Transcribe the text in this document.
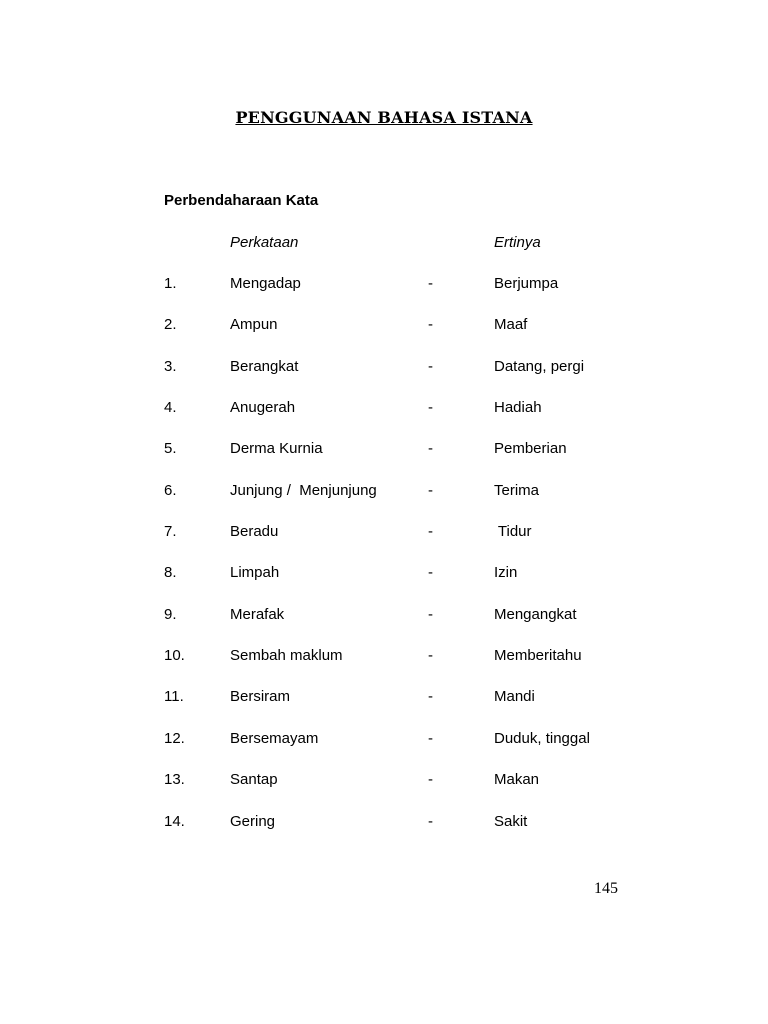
PENGGUNAAN BAHASA ISTANA
Perbendaharaan Kata
Perkataan	Ertinya
1.	Mengadap	-	Berjumpa
2.	Ampun	-	Maaf
3.	Berangkat	-	Datang, pergi
4.	Anugerah	-	Hadiah
5.	Derma Kurnia	-	Pemberian
6.	Junjung /  Menjunjung	-	Terima
7.	Beradu	-	Tidur
8.	Limpah	-	Izin
9.	Merafak	-	Mengangkat
10.	Sembah maklum	-	Memberitahu
11.	Bersiram	-	Mandi
12.	Bersemayam	-	Duduk, tinggal
13.	Santap	-	Makan
14.	Gering	-	Sakit
145
